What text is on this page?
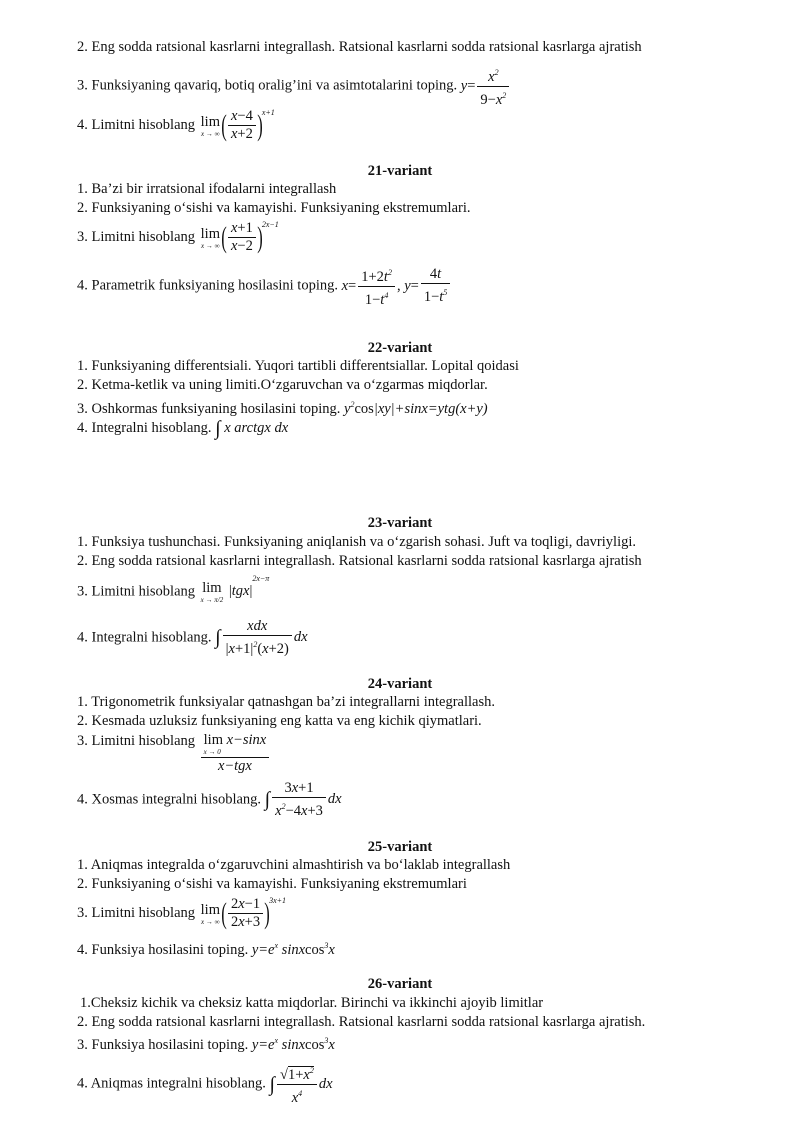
2. Eng sodda ratsional kasrlarni integrallash. Ratsional kasrlarni sodda ratsional kasrlarga ajratish
3. Funksiyaning qavariq, botiq oralig’ini va asimtotalarini toping. $y= \frac{x^2}{9-x^2}$
4. Limitni hisoblang lim
x → ∞ ( $\frac{x-4}{x+2} )^{x+1}$
21-variant
1. Ba’zi bir irratsional ifodalarni integrallash
2. Funksiyaning o‘sishi va kamayishi. Funksiyaning ekstremumlari.
3. Limitni hisoblang lim
x → ∞ ( $\frac{x+1}{x-2} )^{2x-1}$
4. Parametrik funksiyaning hosilasini toping. $x= \frac{1+2t^2}{1-t^4}$ , $y= \frac{4t}{1-t^5}$
22-variant
1. Funksiyaning differentsiali. Yuqori tartibli differentsiallar. Lopital qoidasi
2. Ketma-ketlik va uning limiti.O‘zgaruvchan va o‘zgarmas miqdorlar.
3. Oshkormas funksiyaning hosilasini toping. $y^2\cos|xy|+\sin x=ytg(x+y)$
4. Integralni hisoblang. ∫ x arctgx dx
23-variant
1. Funksiya tushunchasi. Funksiyaning aniqlanish va o‘zgarish sohasi. Juft va toqligi, davriyligi.
2. Eng sodda ratsional kasrlarni integrallash. Ratsional kasrlarni sodda ratsional kasrlarga ajratish
3. Limitni hisoblang lim
x → π/2
$|tgx|^{2x-\pi}$
4. Integralni hisoblang. ∫ $\frac{\text{xdx}}{|x+1|^2(x+2)}$ dx
24-variant
1. Trigonometrik funksiyalar qatnashgan ba’zi integrallarni integrallash.
2. Kesmada uzluksiz funksiyaning eng katta va eng kichik qiymatlari.
3. Limitni hisoblang lim x−sinx
x → 0
x−tgx
4. Xosmas integralni hisoblang. ∫ $\frac{3x+1}{x^2-4x+3}$ dx
25-variant
1. Aniqmas integralda o‘zgaruvchini almashtirish va bo‘laklab integrallash
2. Funksiyaning o‘sishi va kamayishi. Funksiyaning ekstremumlari
3. Limitni hisoblang lim
x → ∞ ( $\frac{2x-1}{2x+3} )^{3x+1}$
4. Funksiya hosilasini toping. $y=e^x$ sinxcos$^3$x
26-variant
1.Cheksiz kichik va cheksiz katta miqdorlar. Birinchi va ikkinchi ajoyib limitlar
2. Eng sodda ratsional kasrlarni integrallash. Ratsional kasrlarni sodda ratsional kasrlarga ajratish.
3. Funksiya hosilasini toping. $y=e^x$ sinxcos$^3$x
4. Aniqmas integralni hisoblang. ∫ $\frac{√1+x^2}{x^4}$ dx
